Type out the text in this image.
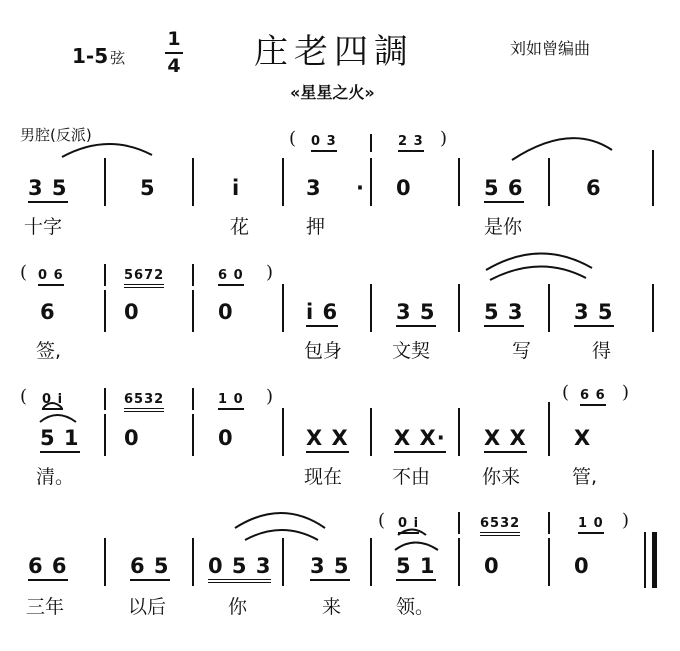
1-5 弦
1
4 庄老四調	刘如曾编曲
«星星之火»
男腔(反派)	( 0 3	2 3 )
3 5	5	i	3 · 0	5 6	6
十字	花	押	是你
( 0 6	5672	6 0 )
6	0	0	i 6	3 5 5 3 3 5
签,	包身	文契	写	得
( 0 i	6532	1 0 )	( 6 6 )
5 1 0	0	X X X X· X X X
清。	现在	不由	你来	管,
( 0 i	6532	1 0 )
6 6	6 5 0 5 3 3 5 5 1 0	0
三年	以后	你	来	领。
